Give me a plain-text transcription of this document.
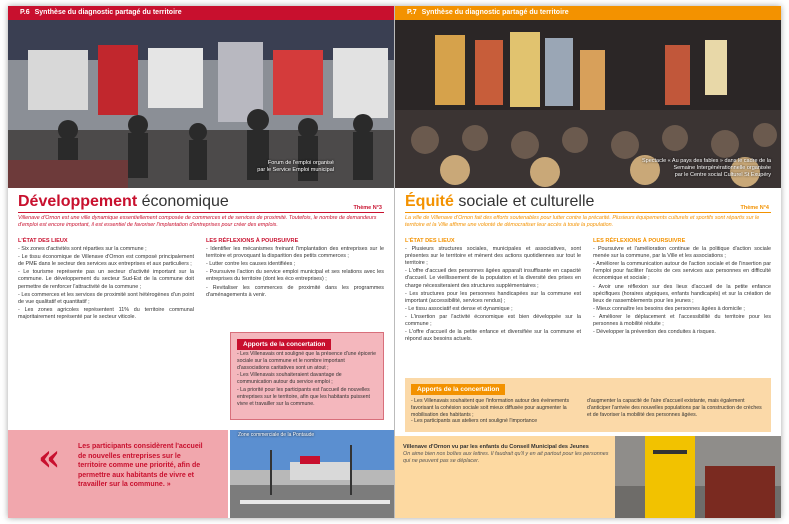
P.6 Synthèse du diagnostic partagé du territoire
Forum de l'emploi organisé
par le Service Emploi municipal
Développement économique	Thème N°3
Villenave d'Ornon est une ville dynamique essentiellement composée de commerces et de services de proximité. Toutefois, le nombre de demandeurs d'emploi est encore important, il est essentiel de favoriser l'implantation d'entreprises pour créer des emplois.
L'ÉTAT DES LIEUX

- Six zones d'activités sont réparties sur la commune ;

- Le tissu économique de Villenave d'Ornon est composé principalement de PME dans le secteur des services aux entreprises et aux particuliers ;

- Le tourisme représente pas un secteur d'activité important sur la commune. Le développement du secteur Sud-Est de la commune doit permettre de renforcer l'attractivité de la commune ;

- Les commerces et les services de proximité sont hétérogènes d'un point de vue qualitatif et quantitatif ;

- Les zones agricoles représentent 11% du territoire communal majoritairement représenté par le secteur viticole.

LES RÉFLEXIONS À POURSUIVRE

- Identifier les mécanismes freinant l'implantation des entreprises sur le territoire et provoquant la disparition des petits commerces ;

- Lutter contre les causes identifiées ;

- Poursuivre l'action du service emploi municipal et ses relations avec les entreprises du territoire (dont les éco entreprises) ;

- Revitaliser les commerces de proximité dans les programmes d'aménagements à venir.

Apports de la concertation

- Les Villenavais ont souligné que la présence d'une épicerie sociale sur la commune et le nombre important d'associations caritatives sont un atout ;

- Les Villenavais souhaiteraient davantage de communication autour du service emploi ;

- La priorité pour les participants est l'accueil de nouvelles entreprises sur le territoire, afin que les habitants puissent vivre et travailler sur la commune.

«	Les participants considèrent l'accueil de nouvelles entreprises sur le territoire comme une priorité, afin de permettre aux habitants de vivre et travailler sur la commune. »
Zone commerciale de la Pontaude
P.7 Synthèse du diagnostic partagé du territoire
Spectacle « Au pays des fables » dans le cadre de la Semaine Intergénérationnelle organisée
par le Centre social Culturel St Exupéry
Équité sociale et culturelle	Thème N°4
La ville de Villenave d'Ornon fait des efforts soutenables pour lutter contre la précarité. Plusieurs équipements culturels et sportifs sont répartis sur le territoire et la Ville affirme une volonté de démocratiser leur accès à toute la population.
L'ÉTAT DES LIEUX

- Plusieurs structures sociales, municipales et associatives, sont présentes sur le territoire et mènent des actions quotidiennes sur tout le territoire ;

- L'offre d'accueil des personnes âgées apparaît insuffisante en capacité d'accueil. Le vieillissement de la population et la diversité des prises en charge nécessiteraient des structures supplémentaires ;

- Les structures pour les personnes handicapées sur la commune est important (accessibilité, services rendus) ;

- Le tissu associatif est dense et dynamique ;

- L'insertion par l'activité économique est bien développée sur la commune ;

- L'offre d'accueil de la petite enfance et diversifiée sur la commune et répond aux besoins actuels.

LES RÉFLEXIONS À POURSUIVRE

- Poursuivre et l'amélioration continue de la politique d'action sociale menée sur la commune, par la Ville et les associations ;

- Améliorer la communication autour de l'action sociale et de l'insertion par l'emploi pour faciliter l'accès de ces services aux personnes en difficulté économique et sociale ;

- Avoir une réflexion sur des lieux d'accueil de la petite enfance spécifiques (horaires atypiques, enfants handicapés) et sur la création de lieux de rassemblements pour les jeunes ;

- Mieux connaître les besoins des personnes âgées à domicile ;

- Améliorer le déplacement et l'accessibilité du territoire pour les personnes à mobilité réduite ;

- Développer la prévention des conduites à risques.

Apports de la concertation

- Les Villenavais souhaitent que l'information autour des événements favorisant la cohésion sociale soit mieux diffusée pour augmenter la mobilisation des habitants ;

- Les participants aux ateliers ont souligné l'importance

d'augmenter la capacité de l'aire d'accueil existante, mais également d'anticiper l'arrivée des nouvelles populations par la construction de crèches et de favoriser la mobilité des personnes âgées.

Villenave d'Ornon vu par les enfants du Conseil Municipal des Jeunes
On aime bien nos boîtes aux lettres. Il faudrait qu'il y en ait partout pour les personnes qui ne peuvent pas se déplacer.
